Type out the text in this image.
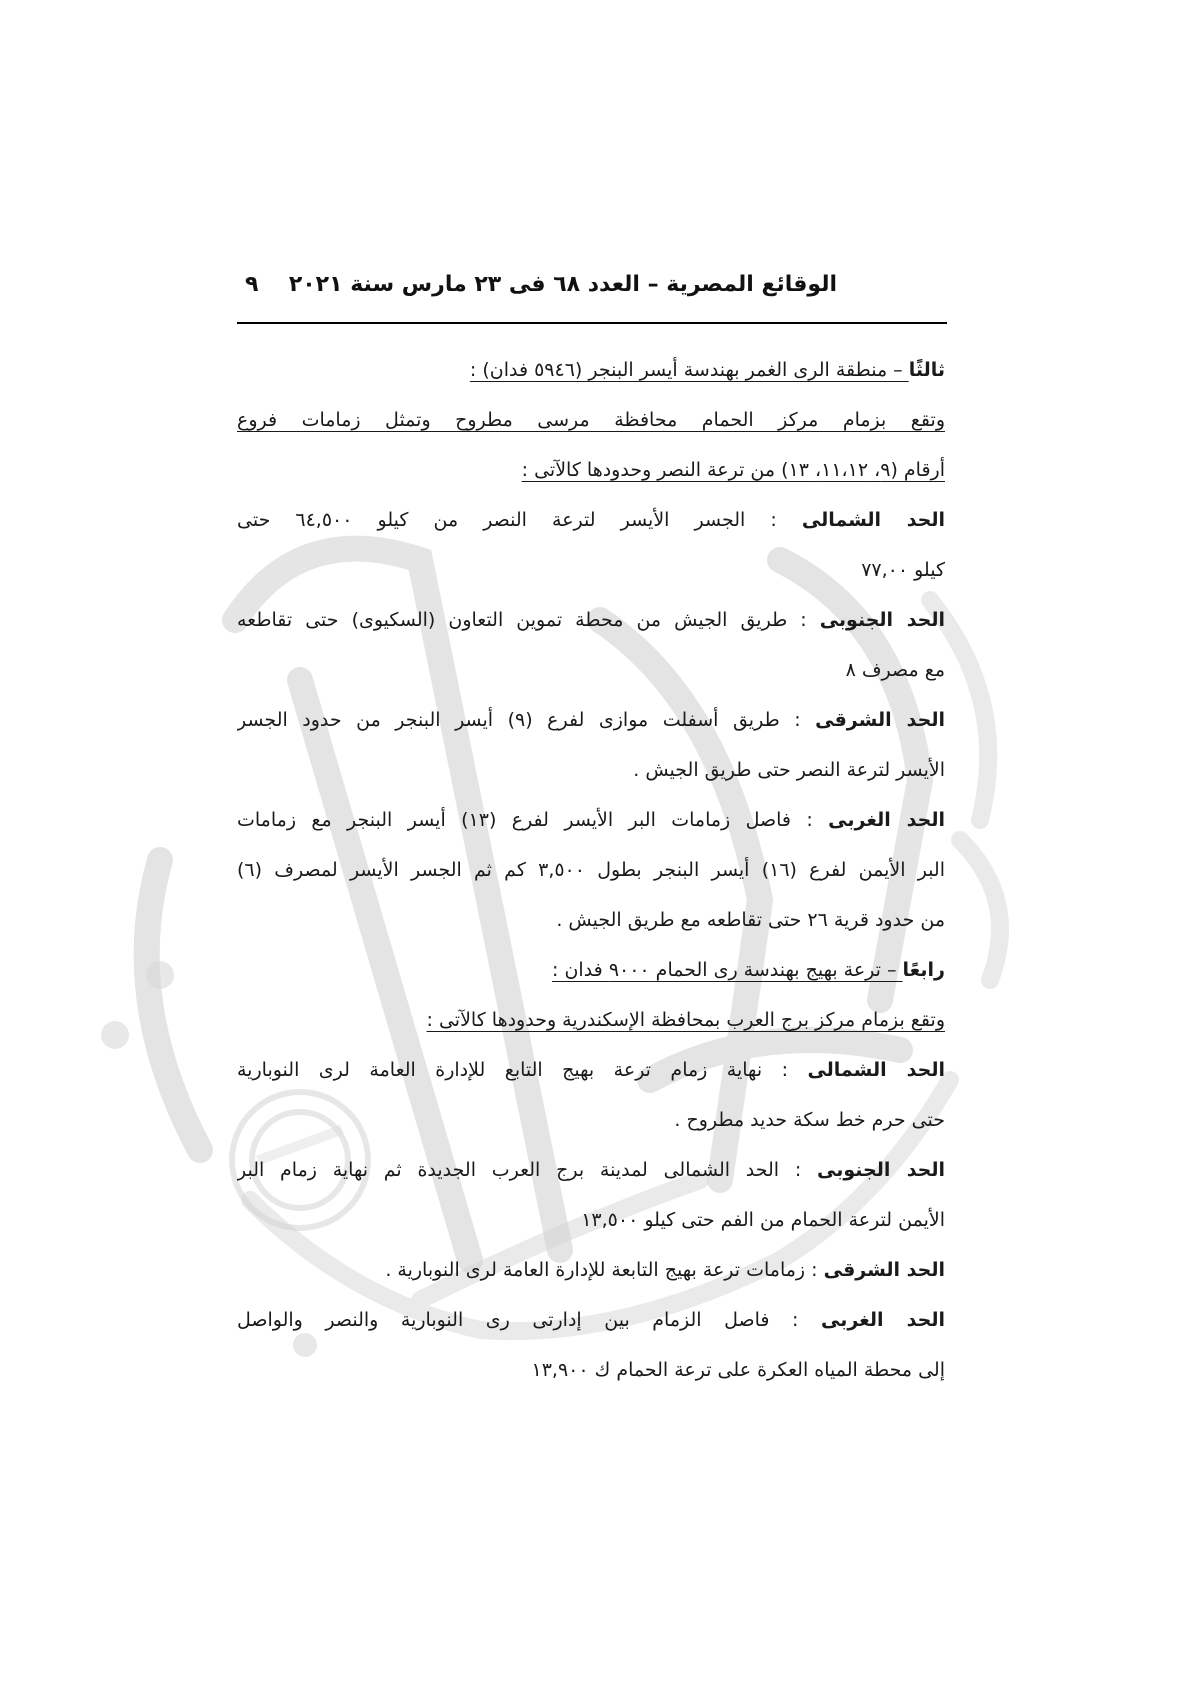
الوقائع المصرية – العدد ٦٨ فى ٢٣ مارس سنة ٢٠٢١
٩
ثالثًا – منطقة الرى الغمر بهندسة أيسر البنجر (٥٩٤٦ فدان) :
وتقع بزمام مركز الحمام محافظة مرسى مطروح وتمثل زمامات فروع
أرقام (٩، ١١،١٢، ١٣) من ترعة النصر وحدودها كالآتى :
الحد الشمالى : الجسر الأيسر لترعة النصر من كيلو ٦٤,٥٠٠ حتى
كيلو ٧٧,٠٠
الحد الجنوبى : طريق الجيش من محطة تموين التعاون (السكيوى) حتى تقاطعه
مع مصرف ٨
الحد الشرقى : طريق أسفلت موازى لفرع (٩) أيسر البنجر من حدود الجسر
الأيسر لترعة النصر حتى طريق الجيش .
الحد الغربى : فاصل زمامات البر الأيسر لفرع (١٣) أيسر البنجر مع زمامات
البر الأيمن لفرع (١٦) أيسر البنجر بطول ٣,٥٠٠ كم ثم الجسر الأيسر لمصرف (٦)
من حدود قرية ٢٦ حتى تقاطعه مع طريق الجيش .
رابعًا – ترعة بهيج بهندسة رى الحمام ٩٠٠٠ فدان :
وتقع بزمام مركز برج العرب بمحافظة الإسكندرية وحدودها كالآتى :
الحد الشمالى : نهاية زمام ترعة بهيج التابع للإدارة العامة لرى النوبارية
حتى حرم خط سكة حديد مطروح .
الحد الجنوبى : الحد الشمالى لمدينة برج العرب الجديدة ثم نهاية زمام البر
الأيمن لترعة الحمام من الفم حتى كيلو ١٣,٥٠٠
الحد الشرقى : زمامات ترعة بهيج التابعة للإدارة العامة لرى النوبارية .
الحد الغربى : فاصل الزمام بين إدارتى رى النوبارية والنصر والواصل
إلى محطة المياه العكرة على ترعة الحمام ك ١٣,٩٠٠
